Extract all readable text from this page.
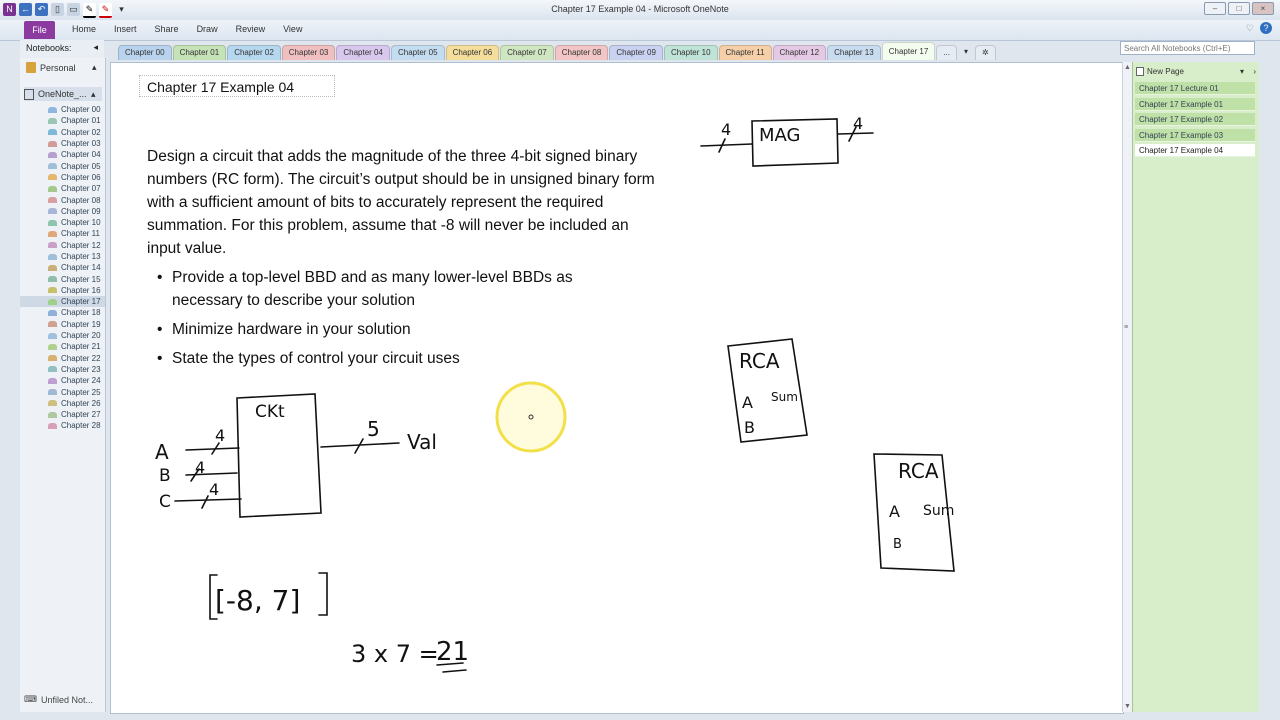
N ← ↶	▯	▭ ✎ ✎	▾	Chapter 17 Example 04 - Microsoft OneNote	–	□	×
File	Home Insert Share Draw Review View	♡	?
Notebooks: ◂
Personal ▴
OneNote_... ▴
Chapter 00
Chapter 01
Chapter 02
Chapter 03
Chapter 04
Chapter 05
Chapter 06
Chapter 07
Chapter 08
Chapter 09
Chapter 10
Chapter 11
Chapter 12
Chapter 13
Chapter 14
Chapter 15
Chapter 16
Chapter 17
Chapter 18
Chapter 19
Chapter 20
Chapter 21
Chapter 22
Chapter 23
Chapter 24
Chapter 25
Chapter 26
Chapter 27
Chapter 28
⌨ Unfiled Not...
Chapter 00	Chapter 01	Chapter 02	Chapter 03	Chapter 04	Chapter 05	Chapter 06	Chapter 07	Chapter 08	Chapter 09	Chapter 10	Chapter 11	Chapter 12	Chapter 13	Chapter 17	...	▾	✲	Search All Notebooks (Ctrl+E)
Chapter 17 Example 04
Design a circuit that adds the magnitude of the three 4-bit signed binary numbers (RC form). The circuit’s output should be in unsigned binary form with a sufficient amount of bits to accurately represent the required summation. For this problem, assume that -8 will never be included an input value.
• Provide a top-level BBD and as many lower-level BBDs as necessary to describe your solution
• Minimize hardware in your solution
• State the types of control your circuit uses
CKt
A
B
C
4
4
4
5
Val
[-8, 7]
3 x 7 =
21
MAG
4	4
RCA
A Sum
B
RCA
A Sum
B
▲
≡
▼
New Page	▾ ›
Chapter 17 Lecture 01
Chapter 17 Example 01
Chapter 17 Example 02
Chapter 17 Example 03
Chapter 17 Example 04
